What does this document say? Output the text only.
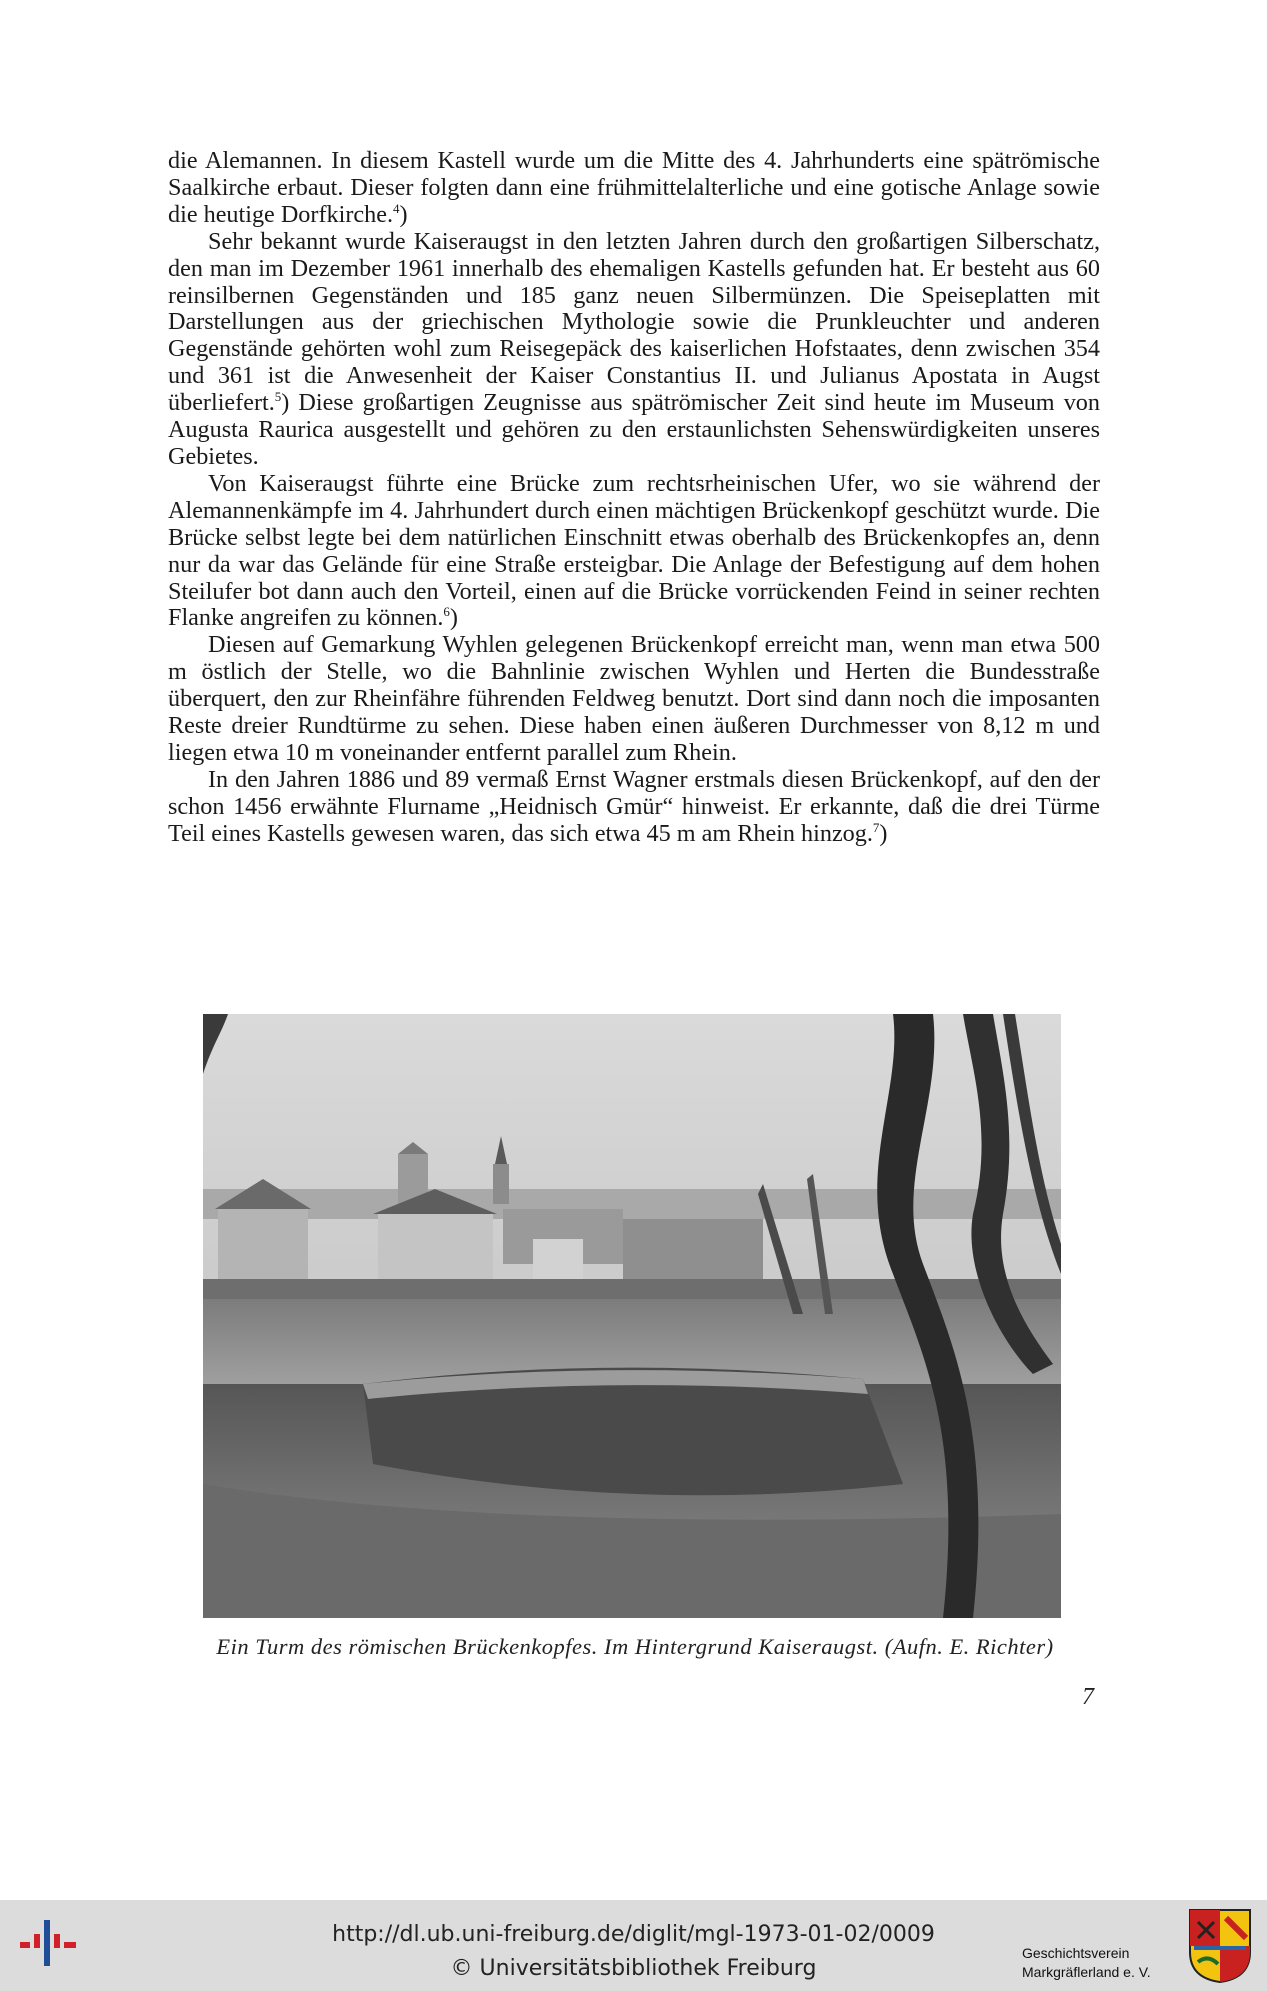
die Alemannen. In diesem Kastell wurde um die Mitte des 4. Jahrhunderts eine spätrömische Saalkirche erbaut. Dieser folgten dann eine frühmittelalterliche und eine gotische Anlage sowie die heutige Dorfkirche.$^4$)

Sehr bekannt wurde Kaiseraugst in den letzten Jahren durch den großartigen Silberschatz, den man im Dezember 1961 innerhalb des ehemaligen Kastells gefunden hat. Er besteht aus 60 reinsilbernen Gegenständen und 185 ganz neuen Silbermünzen. Die Speiseplatten mit Darstellungen aus der griechischen Mythologie sowie die Prunkleuchter und anderen Gegenstände gehörten wohl zum Reisegepäck des kaiserlichen Hofstaates, denn zwischen 354 und 361 ist die Anwesenheit der Kaiser Constantius II. und Julianus Apostata in Augst überliefert.$^5$) Diese großartigen Zeugnisse aus spätrömischer Zeit sind heute im Museum von Augusta Raurica ausgestellt und gehören zu den erstaunlichsten Sehenswürdigkeiten unseres Gebietes.

Von Kaiseraugst führte eine Brücke zum rechtsrheinischen Ufer, wo sie während der Alemannenkämpfe im 4. Jahrhundert durch einen mächtigen Brückenkopf geschützt wurde. Die Brücke selbst legte bei dem natürlichen Einschnitt etwas oberhalb des Brückenkopfes an, denn nur da war das Gelände für eine Straße ersteigbar. Die Anlage der Befestigung auf dem hohen Steilufer bot dann auch den Vorteil, einen auf die Brücke vorrückenden Feind in seiner rechten Flanke angreifen zu können.$^6$)

Diesen auf Gemarkung Wyhlen gelegenen Brückenkopf erreicht man, wenn man etwa 500 m östlich der Stelle, wo die Bahnlinie zwischen Wyhlen und Herten die Bundesstraße überquert, den zur Rheinfähre führenden Feldweg benutzt. Dort sind dann noch die imposanten Reste dreier Rundtürme zu sehen. Diese haben einen äußeren Durchmesser von 8,12 m und liegen etwa 10 m voneinander entfernt parallel zum Rhein.

In den Jahren 1886 und 89 vermaß Ernst Wagner erstmals diesen Brückenkopf, auf den der schon 1456 erwähnte Flurname „Heidnisch Gmür“ hinweist. Er erkannte, daß die drei Türme Teil eines Kastells gewesen waren, das sich etwa 45 m am Rhein hinzog.$^7$)

Ein Turm des römischen Brückenkopfes. Im Hintergrund Kaiseraugst. (Aufn. E. Richter)
7
http://dl.ub.uni-freiburg.de/diglit/mgl-1973-01-02/0009
© Universitätsbibliothek Freiburg
Geschichtsverein
Markgräflerland e. V.
